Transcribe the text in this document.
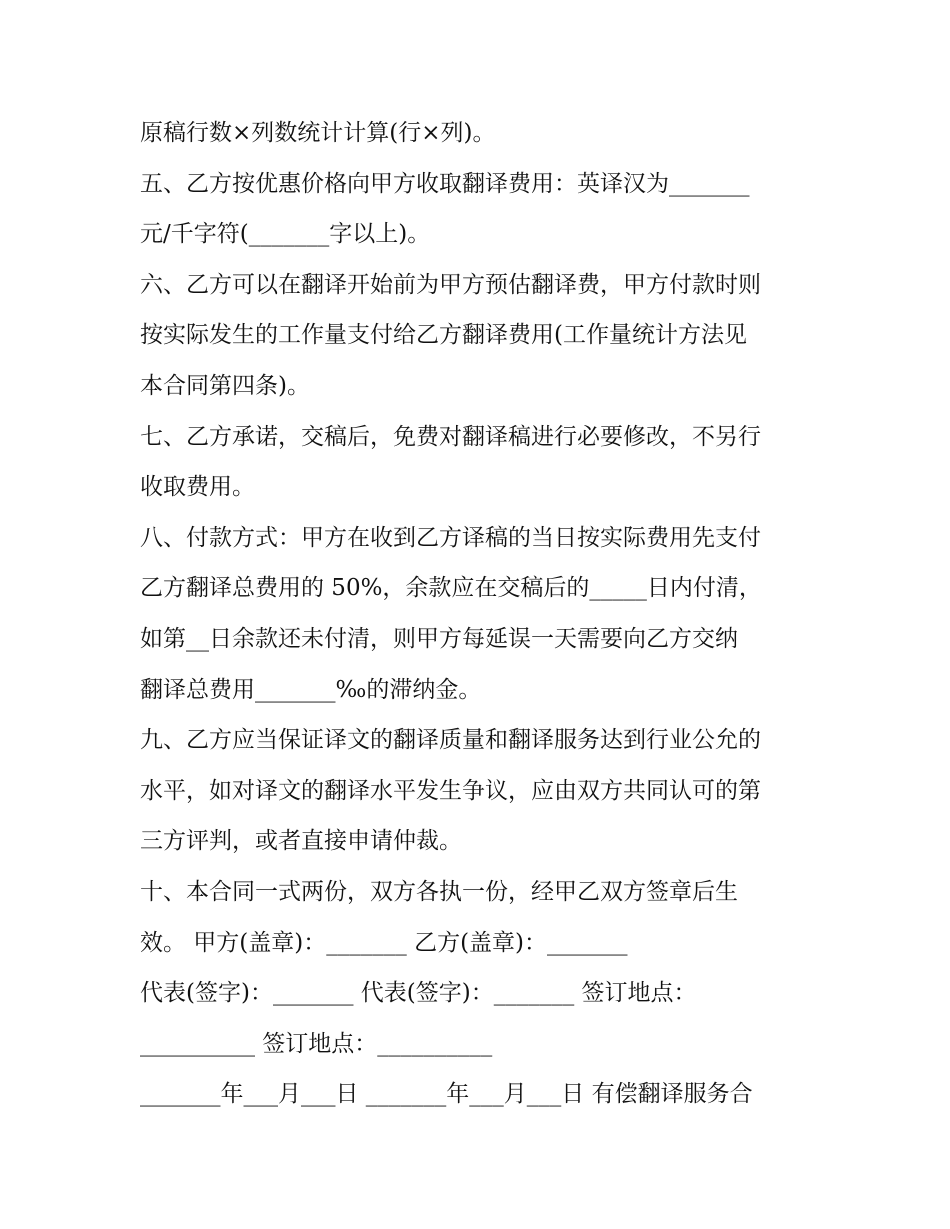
原稿行数×列数统计计算(行×列)。
五、乙方按优惠价格向甲方收取翻译费用：英译汉为_______
元/千字符(_______字以上)。
六、乙方可以在翻译开始前为甲方预估翻译费，甲方付款时则
按实际发生的工作量支付给乙方翻译费用(工作量统计方法见
本合同第四条)。
七、乙方承诺，交稿后，免费对翻译稿进行必要修改，不另行
收取费用。
八、付款方式：甲方在收到乙方译稿的当日按实际费用先支付
乙方翻译总费用的 50%，余款应在交稿后的_____日内付清，
如第__日余款还未付清，则甲方每延误一天需要向乙方交纳
翻译总费用_______‰的滞纳金。
九、乙方应当保证译文的翻译质量和翻译服务达到行业公允的
水平，如对译文的翻译水平发生争议，应由双方共同认可的第
三方评判，或者直接申请仲裁。
十、本合同一式两份，双方各执一份，经甲乙双方签章后生
效。 甲方(盖章)：_______ 乙方(盖章)：_______
代表(签字)：_______ 代表(签字)：_______ 签订地点：
__________ 签订地点：__________
_______年___月___日 _______年___月___日 有偿翻译服务合
